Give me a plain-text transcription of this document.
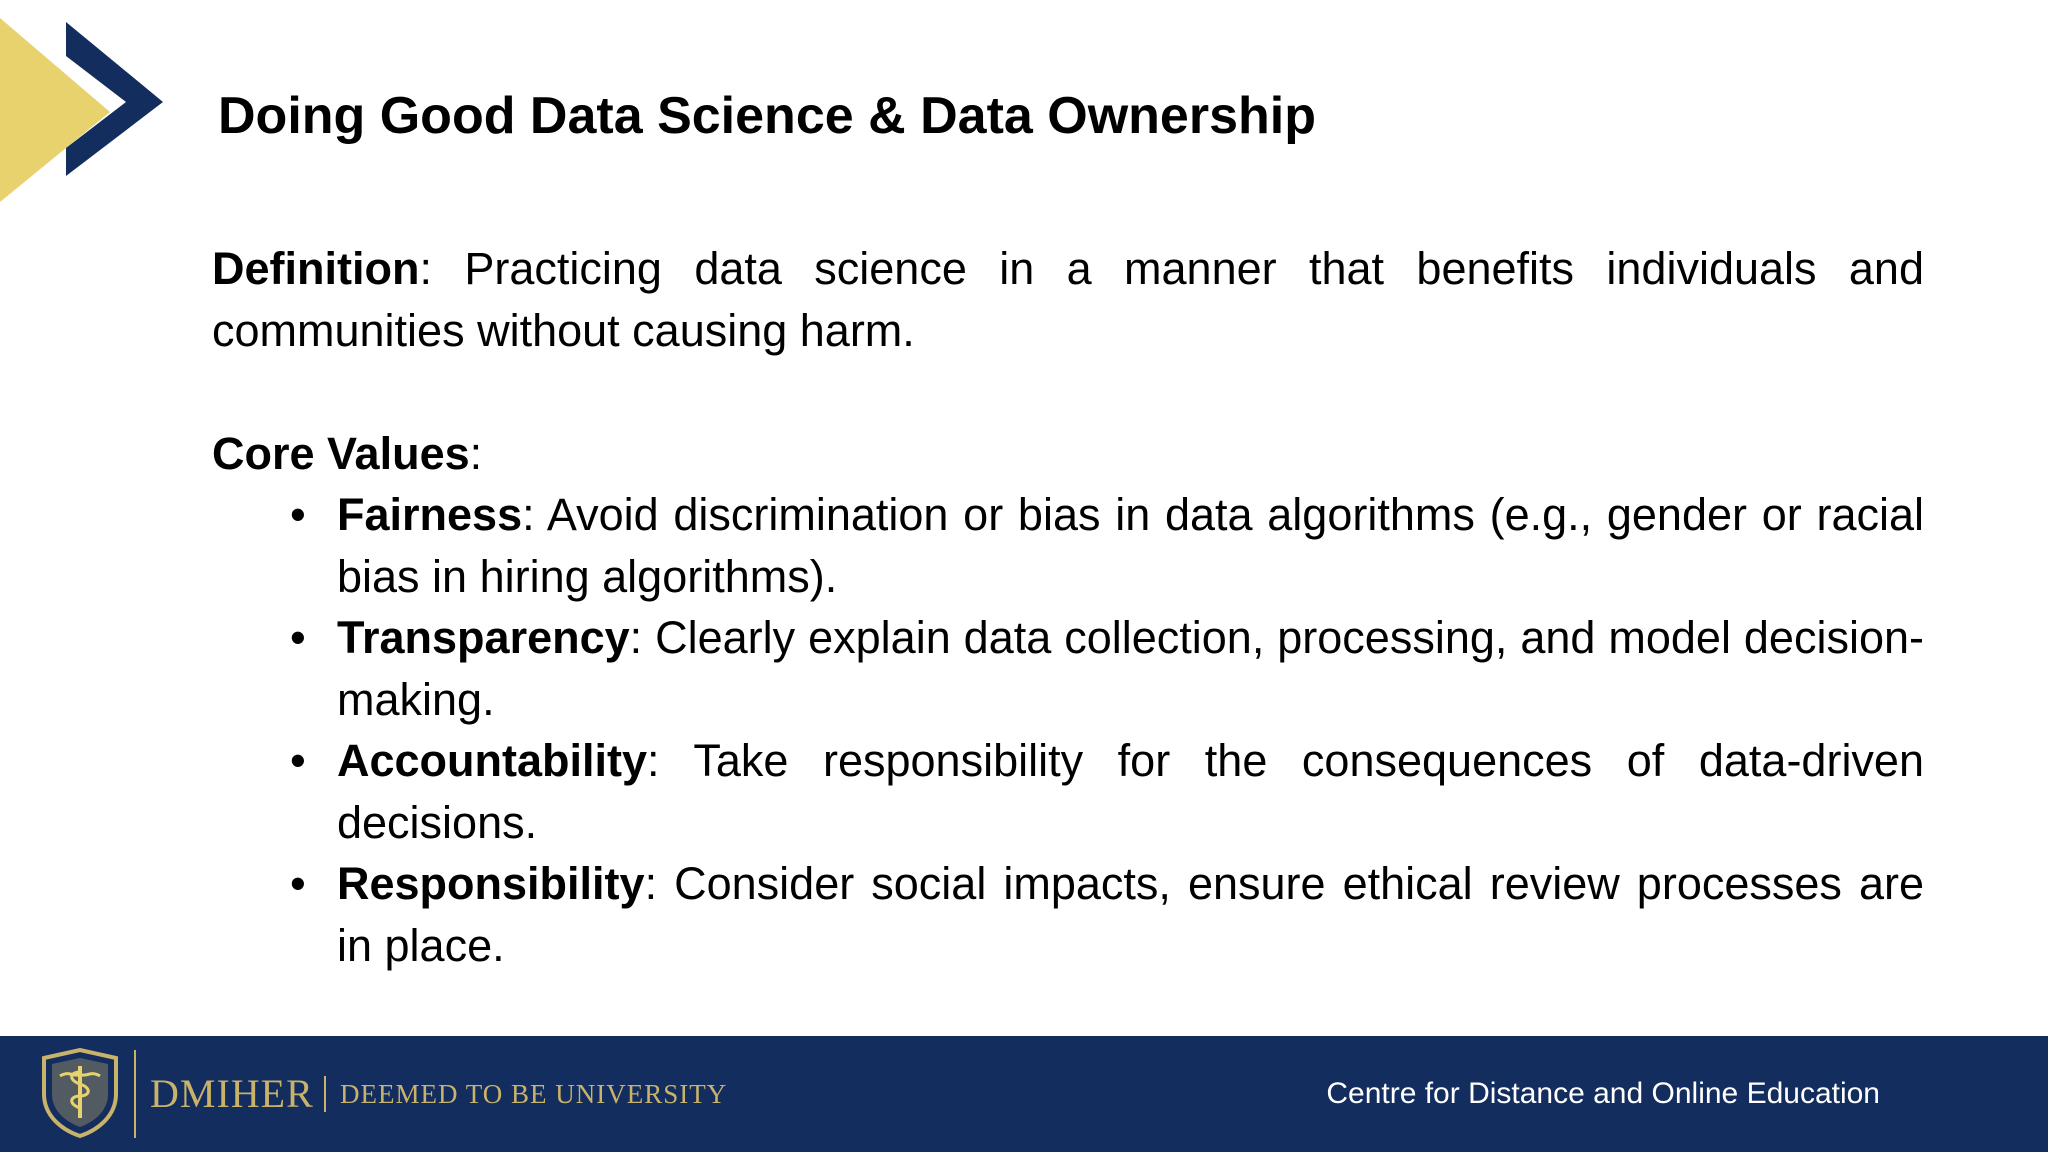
Doing Good Data Science & Data Ownership

Definition: Practicing data science in a manner that benefits individuals and communities without causing harm.

Core Values:

• Fairness: Avoid discrimination or bias in data algorithms (e.g., gender or racial bias in hiring algorithms).
• Transparency: Clearly explain data collection, processing, and model decision-making.
• Accountability: Take responsibility for the consequences of data-driven decisions.
• Responsibility: Consider social impacts, ensure ethical review processes are in place.
DMIHER DEEMED TO BE UNIVERSITY	Centre for Distance and Online Education
